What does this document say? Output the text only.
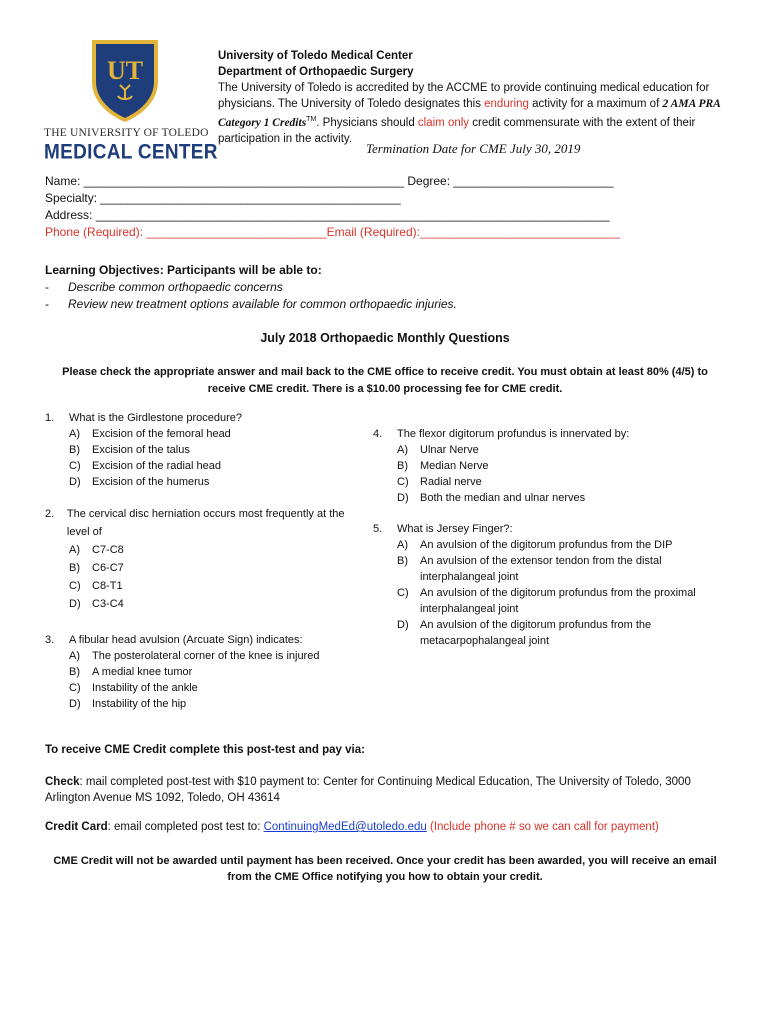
UT
THE UNIVERSITY OF TOLEDO
MEDICAL CENTER
University of Toledo Medical Center
Department of Orthopaedic Surgery
The University of Toledo is accredited by the ACCME to provide continuing medical education for
physicians. The University of Toledo designates this enduring activity for a maximum of 2 AMA PRA
Category 1 Credits™. Physicians should claim only credit commensurate with the extent of their
participation in the activity.
Termination Date for CME July 30, 2019
Name: ________________________________________________ Degree: ________________________
Specialty: _____________________________________________
Address: _____________________________________________________________________________
Phone (Required): ___________________________Email (Required):______________________________
Learning Objectives: Participants will be able to:
-	Describe common orthopaedic concerns
-	Review new treatment options available for common orthopaedic injuries.
July 2018 Orthopaedic Monthly Questions
Please check the appropriate answer and mail back to the CME office to receive credit. You must obtain at least 80% (4/5) to
receive CME credit. There is a $10.00 processing fee for CME credit.
1.	What is the Girdlestone procedure?
A)	Excision of the femoral head
B)	Excision of the talus
C)	Excision of the radial head
D)	Excision of the humerus
2.	The cervical disc herniation occurs most frequently at the level of
A)	C7-C8
B)	C6-C7
C)	C8-T1
D)	C3-C4
3.	A fibular head avulsion (Arcuate Sign) indicates:
A)	The posterolateral corner of the knee is injured
B)	A medial knee tumor
C)	Instability of the ankle
D)	Instability of the hip
4.	The flexor digitorum profundus is innervated by:
A)	Ulnar Nerve
B)	Median Nerve
C)	Radial nerve
D)	Both the median and ulnar nerves
5.	What is Jersey Finger?:
A)	An avulsion of the digitorum profundus from the DIP
B)	An avulsion of the extensor tendon from the distal interphalangeal joint
C)	An avulsion of the digitorum profundus from the proximal interphalangeal joint
D)	An avulsion of the digitorum profundus from the metacarpophalangeal joint
To receive CME Credit complete this post-test and pay via:
Check: mail completed post-test with $10 payment to: Center for Continuing Medical Education, The University of Toledo, 3000 Arlington Avenue MS 1092, Toledo, OH 43614
Credit Card: email completed post test to: ContinuingMedEd@utoledo.edu (Include phone # so we can call for payment)
CME Credit will not be awarded until payment has been received. Once your credit has been awarded, you will receive an email
from the CME Office notifying you how to obtain your credit.
